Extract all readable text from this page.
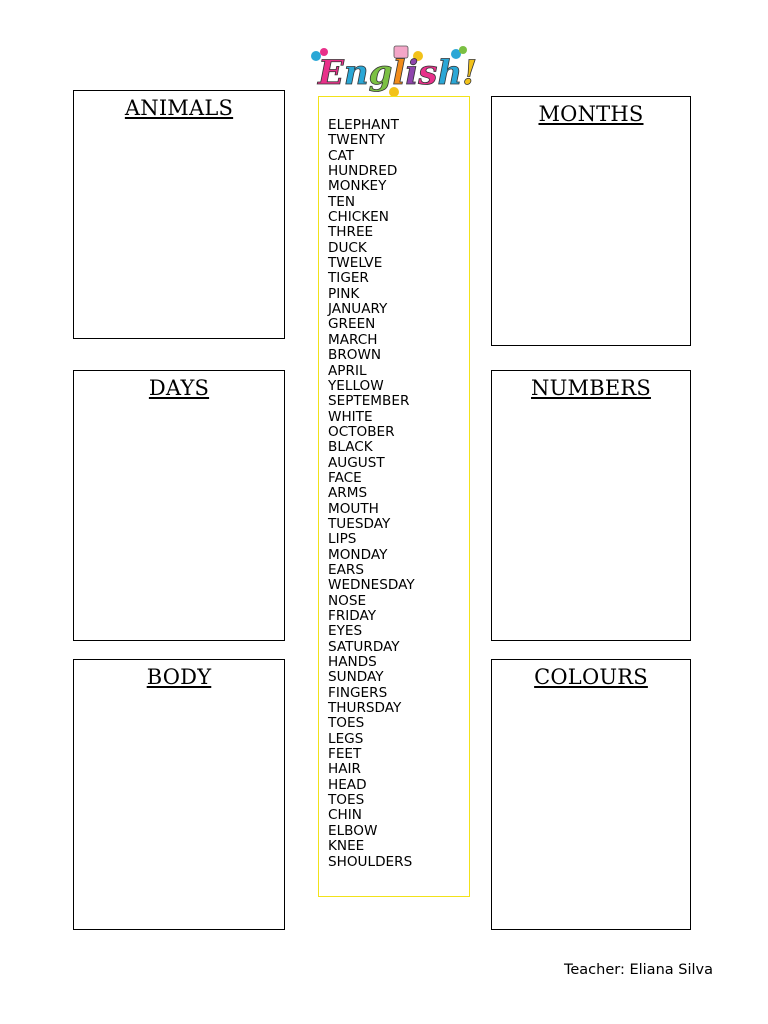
English!
ANIMALS
DAYS
BODY
MONTHS
NUMBERS
COLOURS
ELEPHANT
TWENTY
CAT
HUNDRED
MONKEY
TEN
CHICKEN
THREE
DUCK
TWELVE
TIGER
PINK
JANUARY
GREEN
MARCH
BROWN
APRIL
YELLOW
SEPTEMBER
WHITE
OCTOBER
BLACK
AUGUST
FACE
ARMS
MOUTH
TUESDAY
LIPS
MONDAY
EARS
WEDNESDAY
NOSE
FRIDAY
EYES
SATURDAY
HANDS
SUNDAY
FINGERS
THURSDAY
TOES
LEGS
FEET
HAIR
HEAD
TOES
CHIN
ELBOW
KNEE
SHOULDERS
Teacher: Eliana Silva
